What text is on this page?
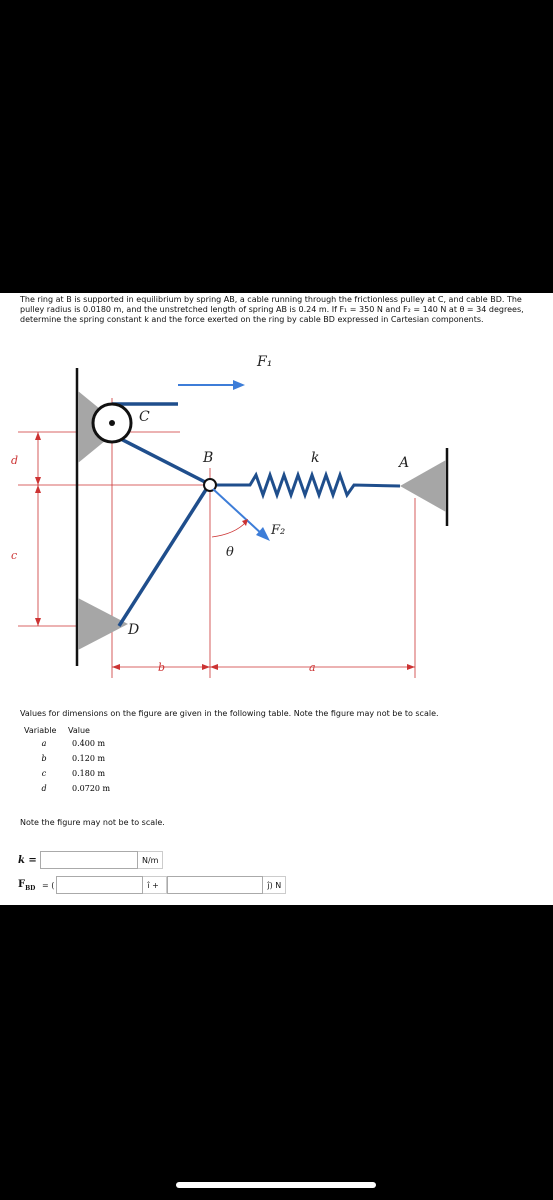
The ring at B is supported in equilibrium by spring AB, a cable running through the frictionless pulley at C, and cable BD. The pulley radius is 0.0180 m, and the unstretched length of spring AB is 0.24 m. If F₁ = 350 N and F₂ = 140 N at θ = 34 degrees, determine the spring constant k and the force exerted on the ring by cable BD expressed in Cartesian components.

F₁
C
B	k	A
F₂
θ
D
d
c
b	a

Values for dimensions on the figure are given in the following table. Note the figure may not be to scale.

Variable	Value
a	0.400 m
b	0.120 m
c	0.180 m
d	0.0720 m

Note the figure may not be to scale.

k =	N/m
$F_{BD}$ = (	î +	ĵ) N
